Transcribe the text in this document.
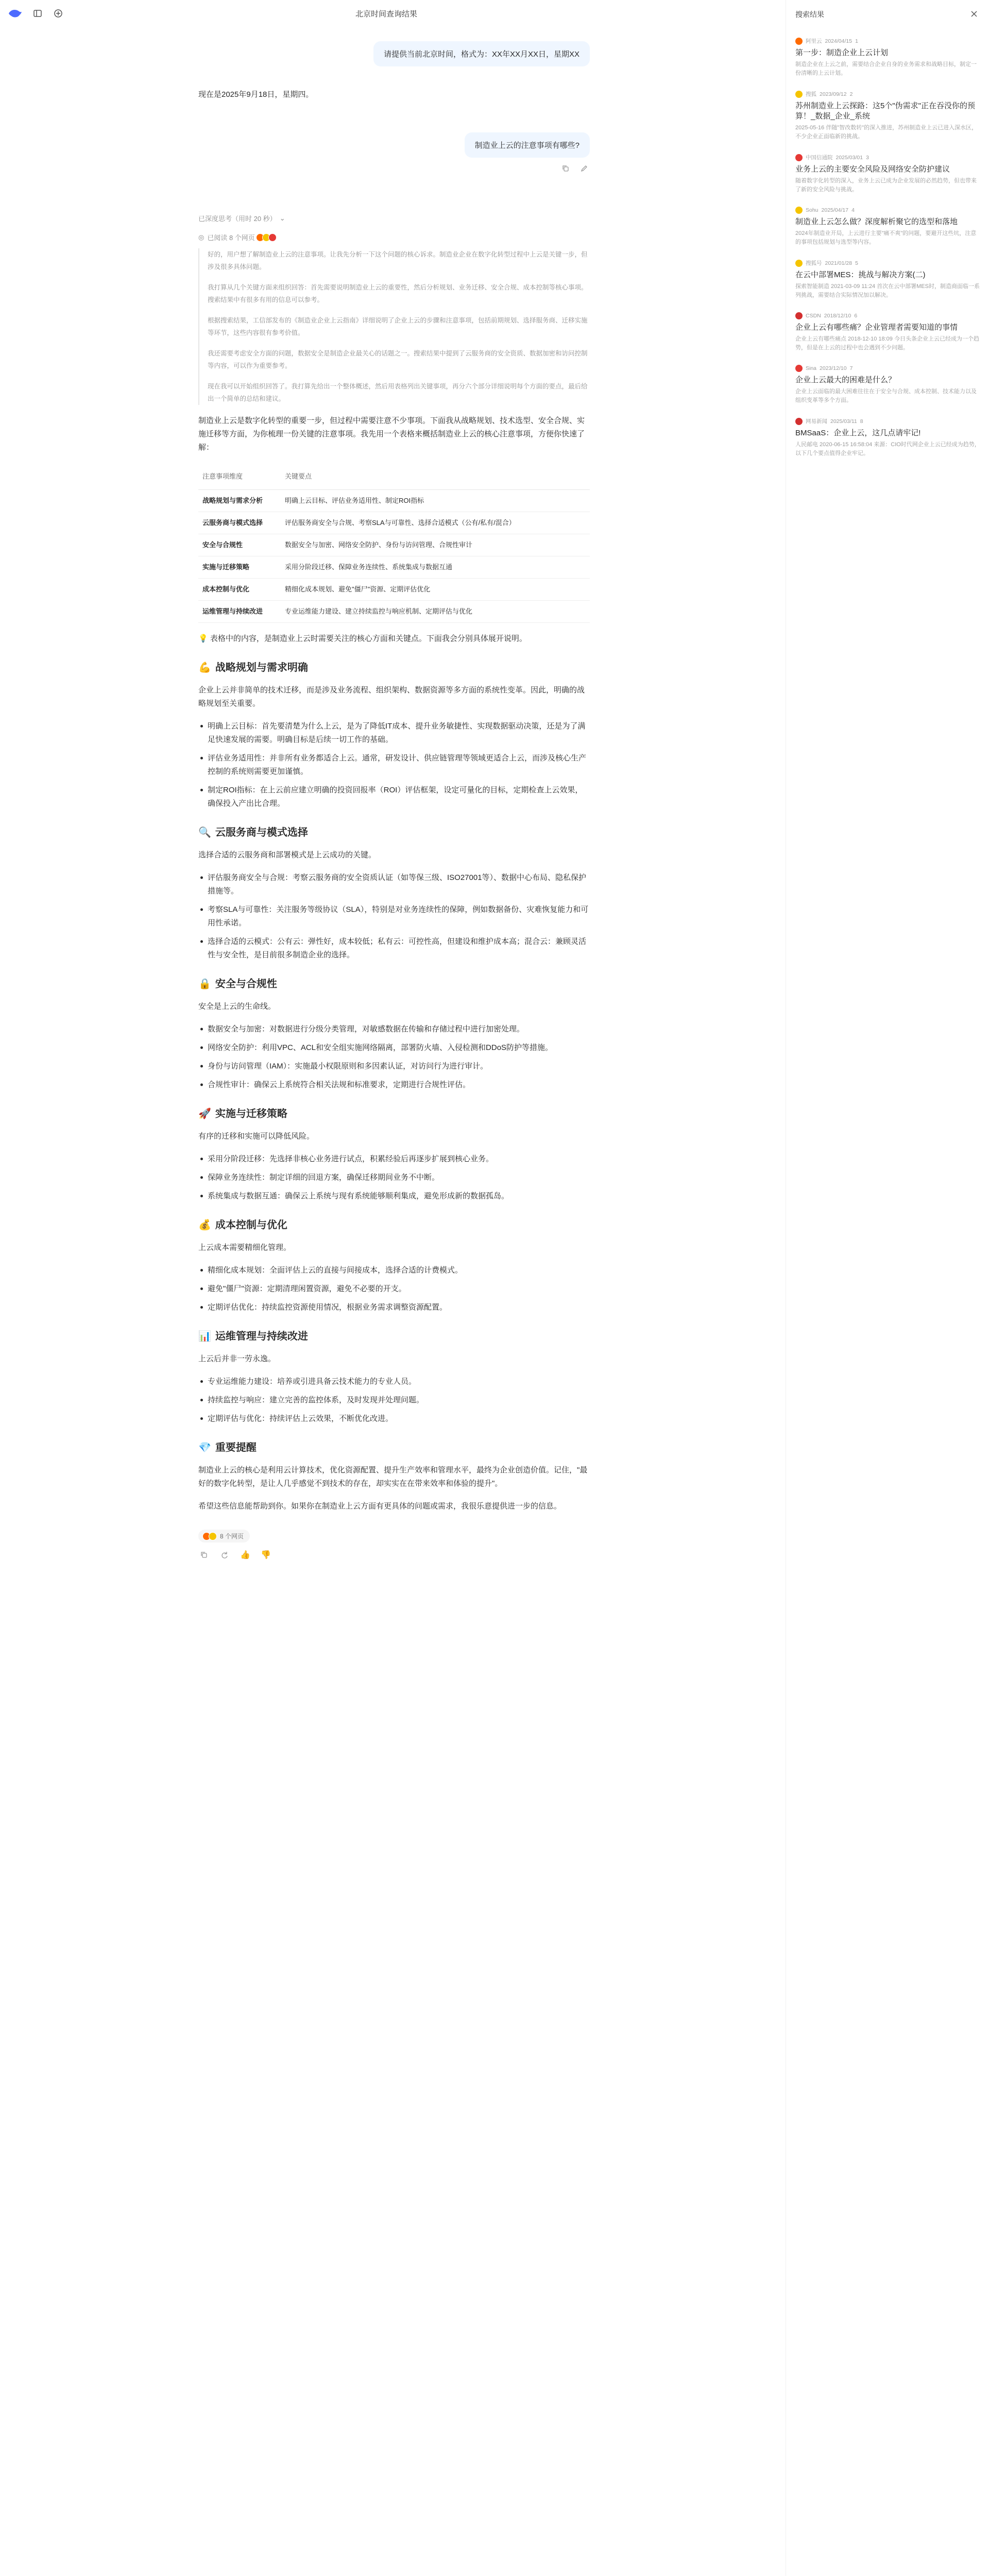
北京时间查询结果
请提供当前北京时间，格式为：XX年XX月XX日，星期XX
现在是2025年9月18日，星期四。
制造业上云的注意事项有哪些?
已深度思考（用时 20 秒） ⌄
◎ 已阅读 8 个网页

好的，用户想了解制造业上云的注意事项。让我先分析一下这个问题的核心诉求。制造业企业在数字化转型过程中上云是关键一步，但涉及很多具体问题。

我打算从几个关键方面来组织回答：首先需要说明制造业上云的重要性，然后分析规划、业务迁移、安全合规、成本控制等核心事项。搜索结果中有很多有用的信息可以参考。

根据搜索结果，工信部发布的《制造业企业上云指南》详细说明了企业上云的步骤和注意事项，包括前期规划、选择服务商、迁移实施等环节，这些内容很有参考价值。

我还需要考虑安全方面的问题，数据安全是制造企业最关心的话题之一。搜索结果中提到了云服务商的安全资质、数据加密和访问控制等内容，可以作为重要参考。

现在我可以开始组织回答了。我打算先给出一个整体概述，然后用表格列出关键事项，再分六个部分详细说明每个方面的要点，最后给出一个简单的总结和建议。

制造业上云是数字化转型的重要一步，但过程中需要注意不少事项。下面我从战略规划、技术选型、安全合规、实施迁移等方面，为你梳理一份关键的注意事项。我先用一个表格来概括制造业上云的核心注意事项，方便你快速了解：

注意事项维度	关键要点
战略规划与需求分析	明确上云目标、评估业务适用性、制定ROI指标
云服务商与模式选择	评估服务商安全与合规、考察SLA与可靠性、选择合适模式（公有/私有/混合）
安全与合规性	数据安全与加密、网络安全防护、身份与访问管理、合规性审计
实施与迁移策略	采用分阶段迁移、保障业务连续性、系统集成与数据互通
成本控制与优化	精细化成本规划、避免"僵尸"资源、定期评估优化
运维管理与持续改进	专业运维能力建设、建立持续监控与响应机制、定期评估与优化

💡 表格中的内容，是制造业上云时需要关注的核心方面和关键点。下面我会分别具体展开说明。

💪 战略规划与需求明确

企业上云并非简单的技术迁移，而是涉及业务流程、组织架构、数据资源等多方面的系统性变革。因此，明确的战略规划至关重要。

明确上云目标：首先要清楚为什么上云，是为了降低IT成本、提升业务敏捷性、实现数据驱动决策，还是为了满足快速发展的需要。明确目标是后续一切工作的基础。
评估业务适用性：并非所有业务都适合上云。通常，研发设计、供应链管理等领域更适合上云，而涉及核心生产控制的系统则需要更加谨慎。
制定ROI指标：在上云前应建立明确的投资回报率（ROI）评估框架，设定可量化的目标，定期检查上云效果，确保投入产出比合理。
🔍 云服务商与模式选择

选择合适的云服务商和部署模式是上云成功的关键。

评估服务商安全与合规：考察云服务商的安全资质认证（如等保三级、ISO27001等）、数据中心布局、隐私保护措施等。
考察SLA与可靠性：关注服务等级协议（SLA），特别是对业务连续性的保障，例如数据备份、灾难恢复能力和可用性承诺。
选择合适的云模式：公有云：弹性好，成本较低；私有云：可控性高，但建设和维护成本高；混合云：兼顾灵活性与安全性，是目前很多制造企业的选择。
🔒 安全与合规性

安全是上云的生命线。

数据安全与加密：对数据进行分级分类管理，对敏感数据在传输和存储过程中进行加密处理。
网络安全防护：利用VPC、ACL和安全组实施网络隔离，部署防火墙、入侵检测和DDoS防护等措施。
身份与访问管理（IAM）：实施最小权限原则和多因素认证，对访问行为进行审计。
合规性审计：确保云上系统符合相关法规和标准要求，定期进行合规性评估。
🚀 实施与迁移策略

有序的迁移和实施可以降低风险。

采用分阶段迁移：先选择非核心业务进行试点，积累经验后再逐步扩展到核心业务。
保障业务连续性：制定详细的回退方案，确保迁移期间业务不中断。
系统集成与数据互通：确保云上系统与现有系统能够顺利集成，避免形成新的数据孤岛。
💰 成本控制与优化

上云成本需要精细化管理。

精细化成本规划：全面评估上云的直接与间接成本，选择合适的计费模式。
避免"僵尸"资源：定期清理闲置资源，避免不必要的开支。
定期评估优化：持续监控资源使用情况，根据业务需求调整资源配置。
📊 运维管理与持续改进

上云后并非一劳永逸。

专业运维能力建设：培养或引进具备云技术能力的专业人员。
持续监控与响应：建立完善的监控体系，及时发现并处理问题。
定期评估与优化：持续评估上云效果，不断优化改进。
💎 重要提醒

制造业上云的核心是利用云计算技术，优化资源配置、提升生产效率和管理水平，最终为企业创造价值。记住，"最好的数字化转型，是让人几乎感觉不到技术的存在，却实实在在带来效率和体验的提升"。

希望这些信息能帮助到你。如果你在制造业上云方面有更具体的问题或需求，我很乐意提供进一步的信息。

8 个网页
👍 👎
搜索结果
阿里云 2024/04/15 1
第一步：制造企业上云计划
制造企业在上云之前，需要结合企业自身的业务需求和战略目标，制定一份清晰的上云计划。
搜狐 2023/09/12 2
苏州制造业上云探路：这5个"伪需求"正在吞没你的预算！_数据_企业_系统
2025-05-16 伴随"智改数转"的深入推进，苏州制造业上云已进入深水区，不少企业正面临新的挑战。
中国信通院 2025/03/01 3
业务上云的主要安全风险及网络安全防护建议
随着数字化转型的深入，业务上云已成为企业发展的必然趋势，但也带来了新的安全风险与挑战。
Sohu 2025/04/17 4
制造业上云怎么做？深度解析聚它的选型和落地
2024年制造业开局，上云进行主要"痛不爽"的问题，要避开这些坑，注意的事项包括规划与选型等内容。
搜狐号 2021/01/28 5
在云中部署MES：挑战与解决方案(二)
探索智能制造 2021-03-09 11:24 首次在云中部署MES时，制造商面临一系列挑战，需要结合实际情况加以解决。
CSDN 2018/12/10 6
企业上云有哪些痛？企业管理者需要知道的事情
企业上云有哪些痛点 2018-12-10 18:09 今日头条企业上云已经成为一个趋势，但是在上云的过程中也会遇到不少问题。
Sina 2023/12/10 7
企业上云最大的困难是什么？
企业上云面临的最大困难往往在于安全与合规、成本控制、技术能力以及组织变革等多个方面。
网易新闻 2025/03/11 8
BMSaaS：企业上云，这几点请牢记!
人民邮电 2020-06-15 16:58:04 来源：CIO时代网企业上云已经成为趋势，以下几个要点值得企业牢记。
